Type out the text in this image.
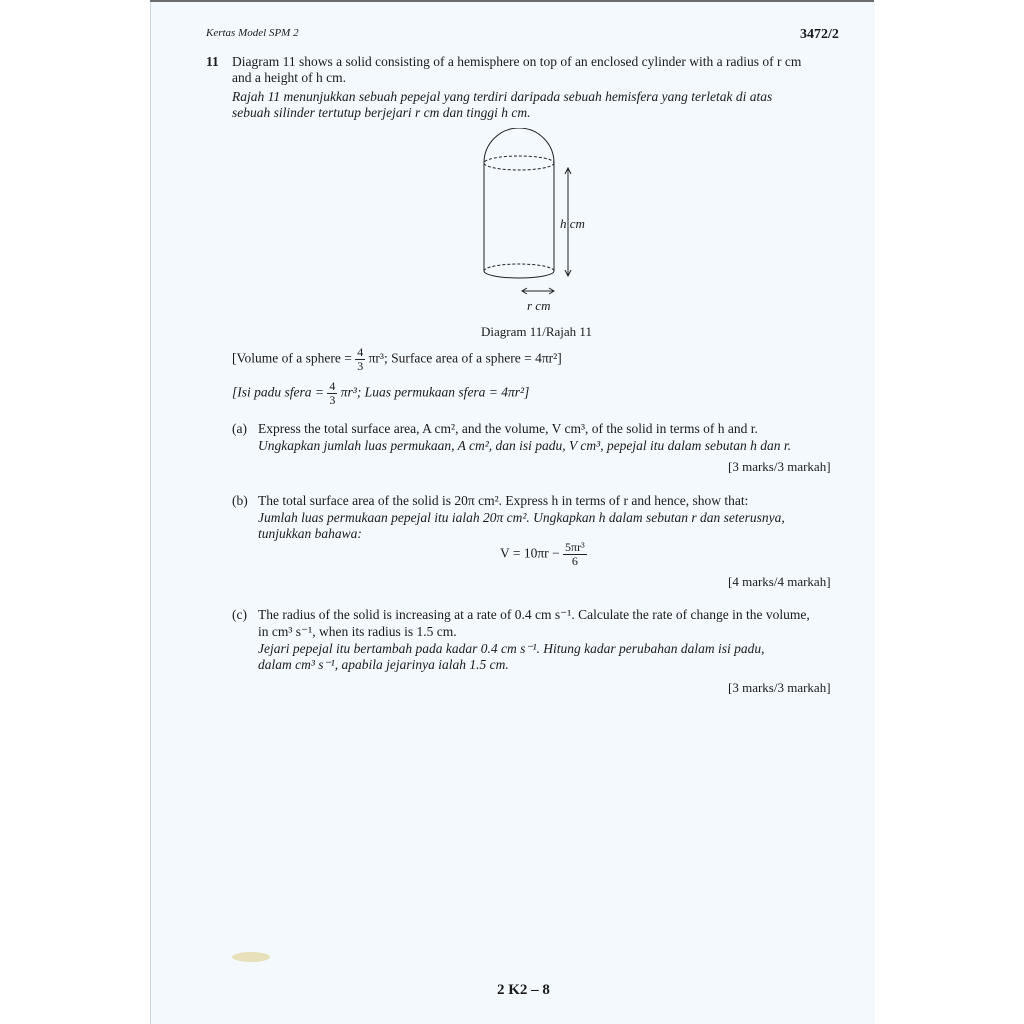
Kertas Model SPM 2	3472/2
11 Diagram 11 shows a solid consisting of a hemisphere on top of an enclosed cylinder with a radius of r cm
and a height of h cm.
Rajah 11 menunjukkan sebuah pepejal yang terdiri daripada sebuah hemisfera yang terletak di atas
sebuah silinder tertutup berjejari r cm dan tinggi h cm.
h cm
r cm
Diagram 11/Rajah 11
[Volume of a sphere = $\frac{4}{3} \pi r^3$; Surface area of a sphere = 4πr²]
[Isi padu sfera = $\frac{4}{3} \pi r^3$; Luas permukaan sfera = 4πr²]
(a) Express the total surface area, A cm², and the volume, V cm³, of the solid in terms of h and r.
Ungkapkan jumlah luas permukaan, A cm², dan isi padu, V cm³, pepejal itu dalam sebutan h dan r.
[3 marks/3 markah]
(b) The total surface area of the solid is 20π cm². Express h in terms of r and hence, show that:
Jumlah luas permukaan pepejal itu ialah 20π cm². Ungkapkan h dalam sebutan r dan seterusnya,
tunjukkan bahawa:
$V = 10\pi r - \frac{\text{5πr³}}{6}$
[4 marks/4 markah]
(c) The radius of the solid is increasing at a rate of 0.4 cm s⁻¹. Calculate the rate of change in the volume,
in cm³ s⁻¹, when its radius is 1.5 cm.
Jejari pepejal itu bertambah pada kadar 0.4 cm s⁻¹. Hitung kadar perubahan dalam isi padu,
dalam cm³ s⁻¹, apabila jejarinya ialah 1.5 cm.
[3 marks/3 markah]
2 K2 – 8
